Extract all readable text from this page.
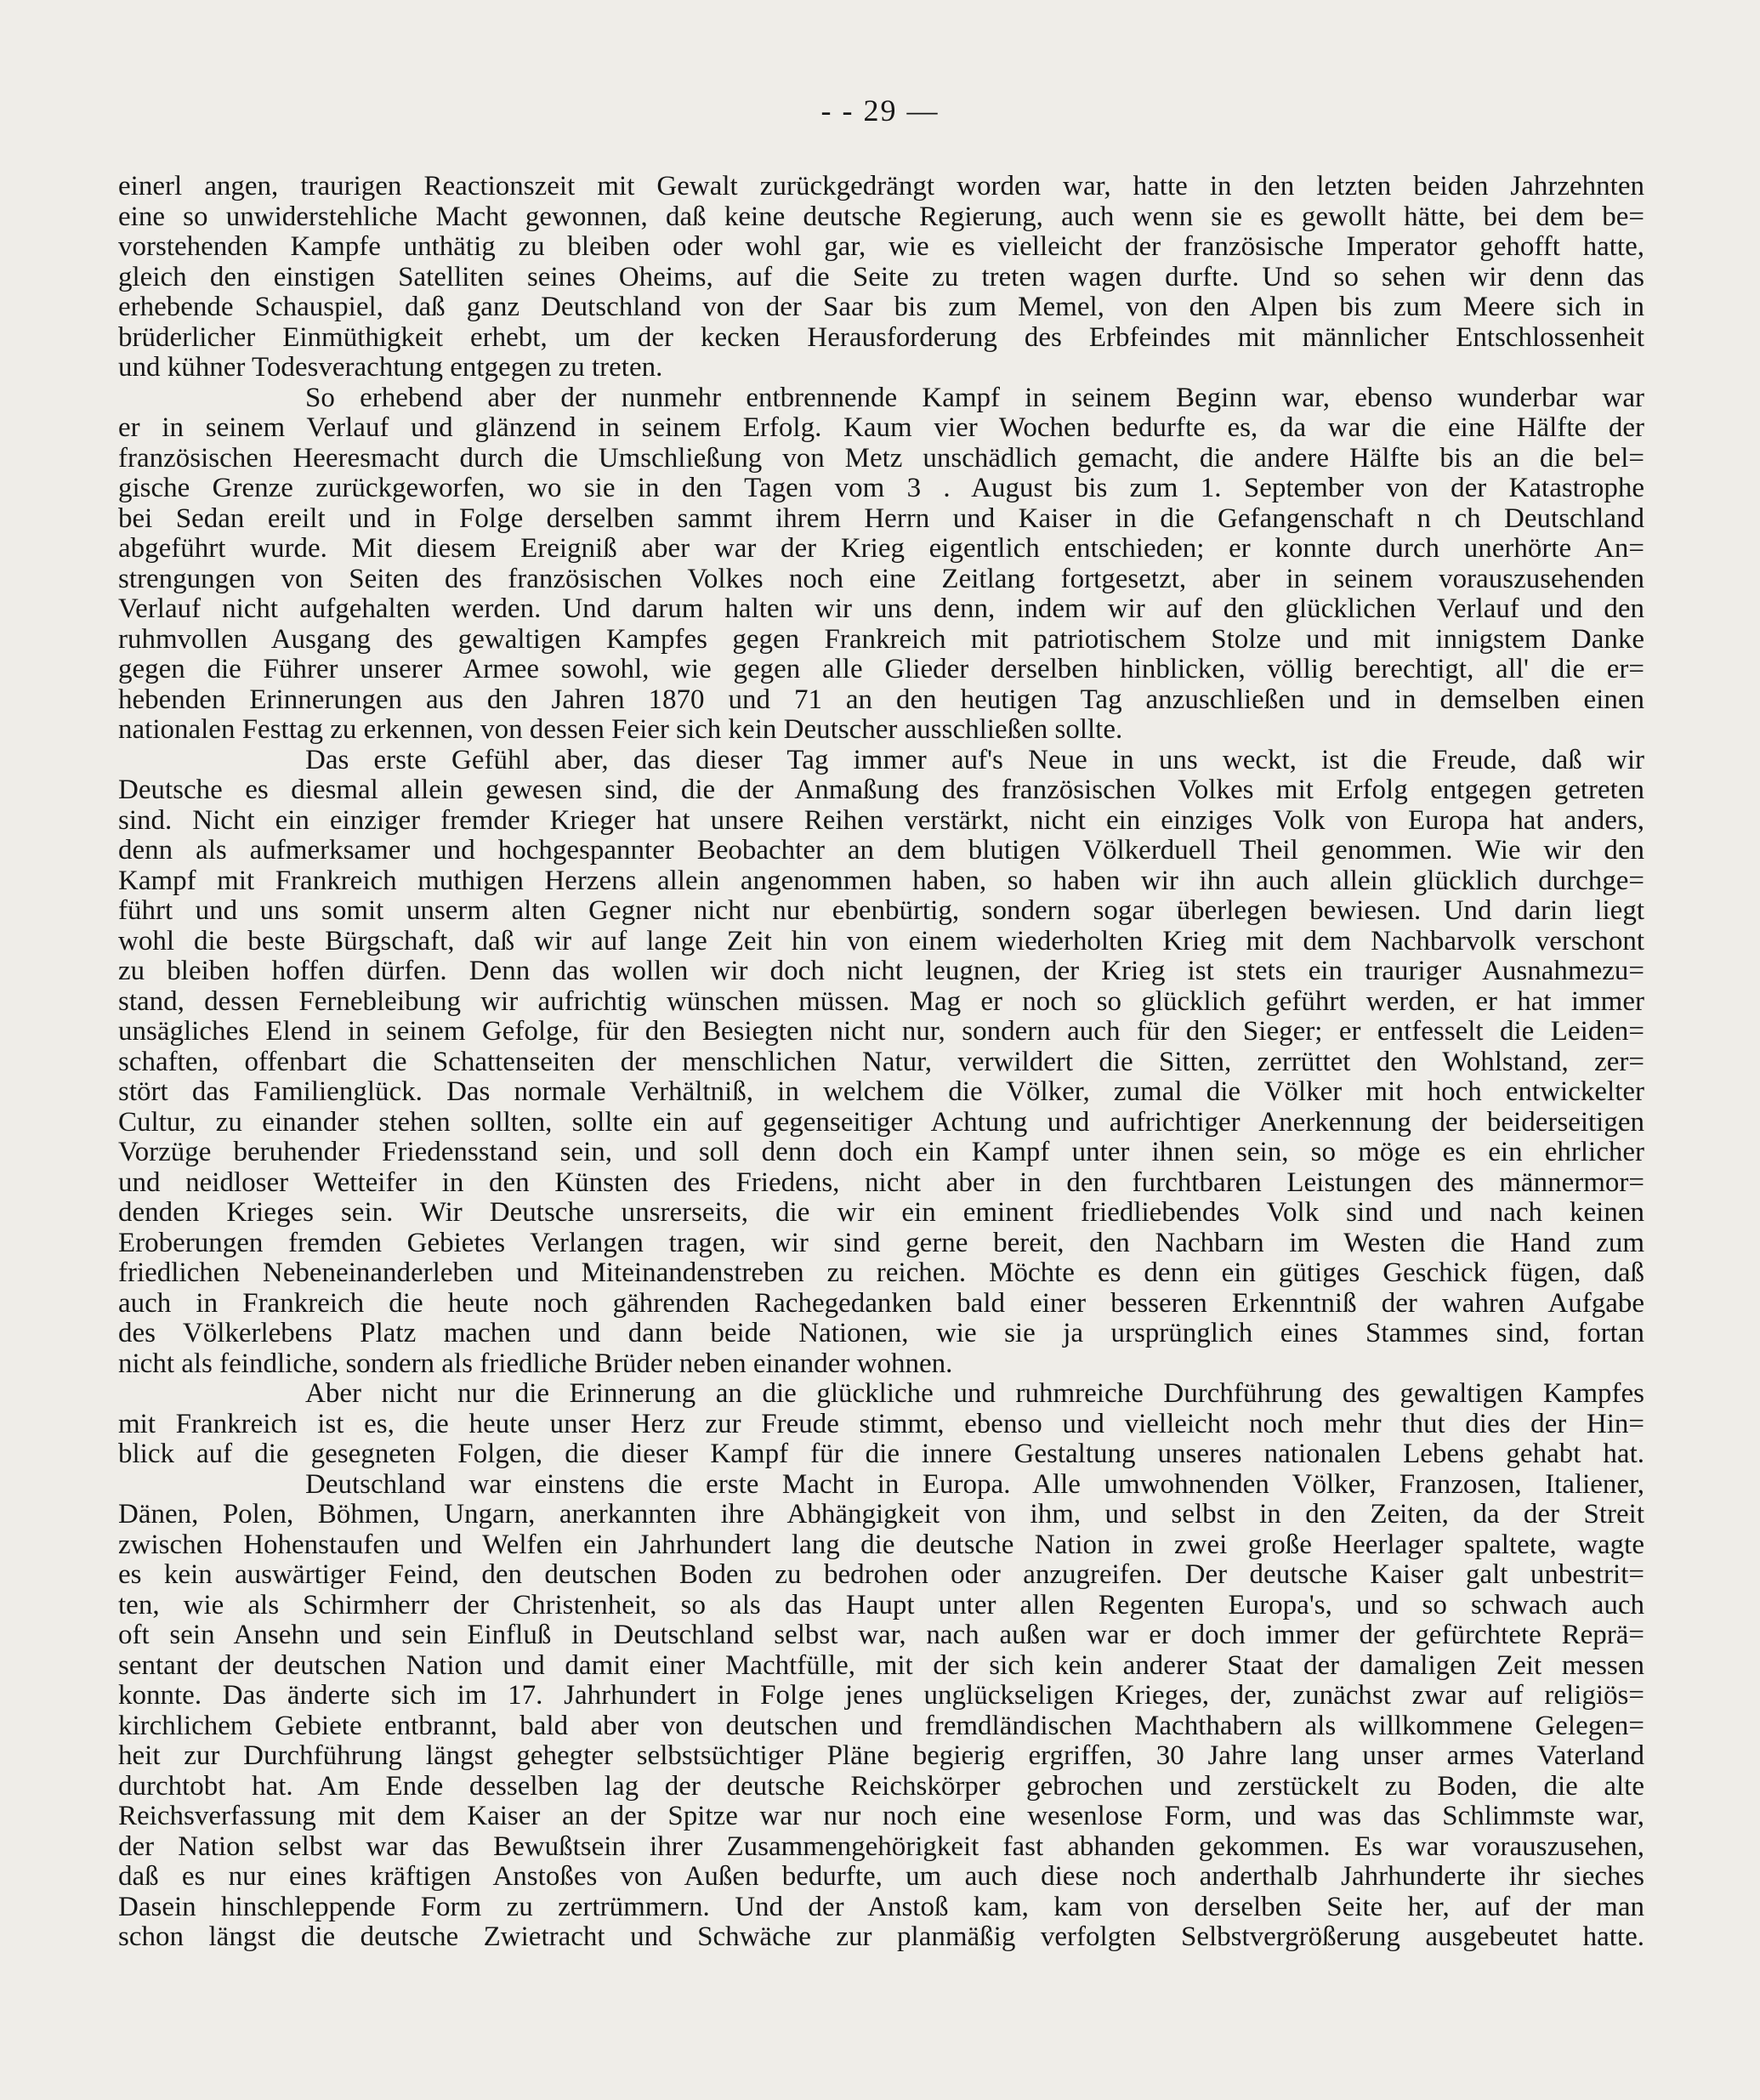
- - 29 —
einerl angen, traurigen Reactionszeit mit Gewalt zurückgedrängt worden war, hatte in den letzten beiden Jahrzehnten
eine so unwiderstehliche Macht gewonnen, daß keine deutsche Regierung, auch wenn sie es gewollt hätte, bei dem be=
vorstehenden Kampfe unthätig zu bleiben oder wohl gar, wie es vielleicht der französische Imperator gehofft hatte,
gleich den einstigen Satelliten seines Oheims, auf die Seite zu treten wagen durfte. Und so sehen wir denn das
erhebende Schauspiel, daß ganz Deutschland von der Saar bis zum Memel, von den Alpen bis zum Meere sich in
brüderlicher Einmüthigkeit erhebt, um der kecken Herausforderung des Erbfeindes mit männlicher Entschlossenheit
und kühner Todesverachtung entgegen zu treten.
So erhebend aber der nunmehr entbrennende Kampf in seinem Beginn war, ebenso wunderbar war
er in seinem Verlauf und glänzend in seinem Erfolg. Kaum vier Wochen bedurfte es, da war die eine Hälfte der
französischen Heeresmacht durch die Umschließung von Metz unschädlich gemacht, die andere Hälfte bis an die bel=
gische Grenze zurückgeworfen, wo sie in den Tagen vom 3 . August bis zum 1. September von der Katastrophe
bei Sedan ereilt und in Folge derselben sammt ihrem Herrn und Kaiser in die Gefangenschaft n ch Deutschland
abgeführt wurde. Mit diesem Ereigniß aber war der Krieg eigentlich entschieden; er konnte durch unerhörte An=
strengungen von Seiten des französischen Volkes noch eine Zeitlang fortgesetzt, aber in seinem vorauszusehenden
Verlauf nicht aufgehalten werden. Und darum halten wir uns denn, indem wir auf den glücklichen Verlauf und den
ruhmvollen Ausgang des gewaltigen Kampfes gegen Frankreich mit patriotischem Stolze und mit innigstem Danke
gegen die Führer unserer Armee sowohl, wie gegen alle Glieder derselben hinblicken, völlig berechtigt, all' die er=
hebenden Erinnerungen aus den Jahren 1870 und 71 an den heutigen Tag anzuschließen und in demselben einen
nationalen Festtag zu erkennen, von dessen Feier sich kein Deutscher ausschließen sollte.
Das erste Gefühl aber, das dieser Tag immer auf's Neue in uns weckt, ist die Freude, daß wir
Deutsche es diesmal allein gewesen sind, die der Anmaßung des französischen Volkes mit Erfolg entgegen getreten
sind. Nicht ein einziger fremder Krieger hat unsere Reihen verstärkt, nicht ein einziges Volk von Europa hat anders,
denn als aufmerksamer und hochgespannter Beobachter an dem blutigen Völkerduell Theil genommen. Wie wir den
Kampf mit Frankreich muthigen Herzens allein angenommen haben, so haben wir ihn auch allein glücklich durchge=
führt und uns somit unserm alten Gegner nicht nur ebenbürtig, sondern sogar überlegen bewiesen. Und darin liegt
wohl die beste Bürgschaft, daß wir auf lange Zeit hin von einem wiederholten Krieg mit dem Nachbarvolk verschont
zu bleiben hoffen dürfen. Denn das wollen wir doch nicht leugnen, der Krieg ist stets ein trauriger Ausnahmezu=
stand, dessen Fernebleibung wir aufrichtig wünschen müssen. Mag er noch so glücklich geführt werden, er hat immer
unsägliches Elend in seinem Gefolge, für den Besiegten nicht nur, sondern auch für den Sieger; er entfesselt die Leiden=
schaften, offenbart die Schattenseiten der menschlichen Natur, verwildert die Sitten, zerrüttet den Wohlstand, zer=
stört das Familienglück. Das normale Verhältniß, in welchem die Völker, zumal die Völker mit hoch entwickelter
Cultur, zu einander stehen sollten, sollte ein auf gegenseitiger Achtung und aufrichtiger Anerkennung der beiderseitigen
Vorzüge beruhender Friedensstand sein, und soll denn doch ein Kampf unter ihnen sein, so möge es ein ehrlicher
und neidloser Wetteifer in den Künsten des Friedens, nicht aber in den furchtbaren Leistungen des männermor=
denden Krieges sein. Wir Deutsche unsrerseits, die wir ein eminent friedliebendes Volk sind und nach keinen
Eroberungen fremden Gebietes Verlangen tragen, wir sind gerne bereit, den Nachbarn im Westen die Hand zum
friedlichen Nebeneinanderleben und Miteinandenstreben zu reichen. Möchte es denn ein gütiges Geschick fügen, daß
auch in Frankreich die heute noch gährenden Rachegedanken bald einer besseren Erkenntniß der wahren Aufgabe
des Völkerlebens Platz machen und dann beide Nationen, wie sie ja ursprünglich eines Stammes sind, fortan
nicht als feindliche, sondern als friedliche Brüder neben einander wohnen.
Aber nicht nur die Erinnerung an die glückliche und ruhmreiche Durchführung des gewaltigen Kampfes
mit Frankreich ist es, die heute unser Herz zur Freude stimmt, ebenso und vielleicht noch mehr thut dies der Hin=
blick auf die gesegneten Folgen, die dieser Kampf für die innere Gestaltung unseres nationalen Lebens gehabt hat.
Deutschland war einstens die erste Macht in Europa. Alle umwohnenden Völker, Franzosen, Italiener,
Dänen, Polen, Böhmen, Ungarn, anerkannten ihre Abhängigkeit von ihm, und selbst in den Zeiten, da der Streit
zwischen Hohenstaufen und Welfen ein Jahrhundert lang die deutsche Nation in zwei große Heerlager spaltete, wagte
es kein auswärtiger Feind, den deutschen Boden zu bedrohen oder anzugreifen. Der deutsche Kaiser galt unbestrit=
ten, wie als Schirmherr der Christenheit, so als das Haupt unter allen Regenten Europa's, und so schwach auch
oft sein Ansehn und sein Einfluß in Deutschland selbst war, nach außen war er doch immer der gefürchtete Reprä=
sentant der deutschen Nation und damit einer Machtfülle, mit der sich kein anderer Staat der damaligen Zeit messen
konnte. Das änderte sich im 17. Jahrhundert in Folge jenes unglückseligen Krieges, der, zunächst zwar auf religiös=
kirchlichem Gebiete entbrannt, bald aber von deutschen und fremdländischen Machthabern als willkommene Gelegen=
heit zur Durchführung längst gehegter selbstsüchtiger Pläne begierig ergriffen, 30 Jahre lang unser armes Vaterland
durchtobt hat. Am Ende desselben lag der deutsche Reichskörper gebrochen und zerstückelt zu Boden, die alte
Reichsverfassung mit dem Kaiser an der Spitze war nur noch eine wesenlose Form, und was das Schlimmste war,
der Nation selbst war das Bewußtsein ihrer Zusammengehörigkeit fast abhanden gekommen. Es war vorauszusehen,
daß es nur eines kräftigen Anstoßes von Außen bedurfte, um auch diese noch anderthalb Jahrhunderte ihr sieches
Dasein hinschleppende Form zu zertrümmern. Und der Anstoß kam, kam von derselben Seite her, auf der man
schon längst die deutsche Zwietracht und Schwäche zur planmäßig verfolgten Selbstvergrößerung ausgebeutet hatte.
